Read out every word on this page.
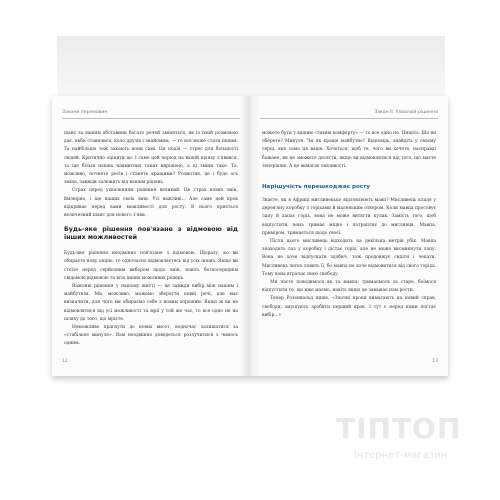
Закони перемовин

шанс за вашим обставини багато речей зміняться, як із їхній розмовою дає, якби ставилися, коло друзів і знайомим, — то все може стати іншим. Та найбільше теж закають вони самі. Ця подія — стрес для більшості людей. Критично оцінити це. І саме цей період на вашій шляху з'явився, та ще більш наших навмисних таких вирішено, а ці зміни таке. Та, можливо, почнете ресів і станете кращими? Розмотне, це і буде ось зміна, завжди залежить від вашим рішень.

Страх перед ухваленням рішення великий. Це страх нових змін, ймовірно, і ще наших своїх змін. Усі важливі... Але саме цей крок відкриває перед вами можливості для росту. В нього криється величезний шанс для нового з'яви.

Будь-яке рішення пов'язане з відмовою від інших можливостей

Будь-яке рішення неодмінно пов'язане з відмовою. Щоразу, ко ви обираєте нову опцію, то одночасно відмовляєтесь від усіх інших. Якщо ви стоїте перед серйозним вибором щодо змін, навіть безпосереднім свідомою відмовою та всіх інших можливих рішень.

Важливі рішення у нашому житті — це завжди вибір між нашим і майбутнім. Ми, можливо, можемо зберегти певні речі, але має визначити, для чого ми обираємо себе з новим хорошим. Якщо ж ви не відмовлятися від усі можливості та мрії у той же час, то все одно не на шляху до того, що мрієте.

Неможливо прагнути до нових висот, водночас залишатися за «стабільне минуле». Вам неодмінно доведеться розлучитися з чимось одним.

12
Закон II. Ухвалюй рішення

можете бути у вашим «тихим комфорту» — то все одно не. Пишіть. Шо ви оберете? Минуле. Чи як краще майбутнє? Відповідь, знайдіть у своєму серці, яке саме ця ваше. Хочеться, щоб те, чого ви хочете, насправді бажане, ви не зможете досягти, якщо ви відмовлятися від того, що маєте теперішнє. А це вимагає сміливості.

Нерішучість перешкоджає росту

Знаєте, як в Африці мисливецько відловлюють мавп? Мисливець кладе у дерев'яну коробку з горіхами й маленьким отвором. Коли мавпа просовує лапу й хапає горіх, вона не може витягти кулак. Замість того, щоб відпустити, вона тримає міцно і потрапляє до мисливця. Мавпа, приміром, тримається щодо своєї.

Після цього мисливець відходить на декілька метрів убік. Мавпа знаходить лаз у коробку і дістає горіх, але не може висмикнути лапу. Вона не хоче відпускати здобич, тож продовжує сидіти і чекати. Мисливець легко ловить її, бо мавпа не хоче відмовитися від свого горіха. Тому вона втрачає свою свободу.

Ми часто поводимося як та мавпа: тримаємося за старе, боїмося відпустити те, що вже маємо, навіть якщо це заважає нам рости.

Тепер Розенвальд пише, «Значні кроки вимагають на новий справ, свободи, змушують зробити перший крок. І тут є перед нами постає вибір...»

13
ТІПТОП
інтернет-магазин
